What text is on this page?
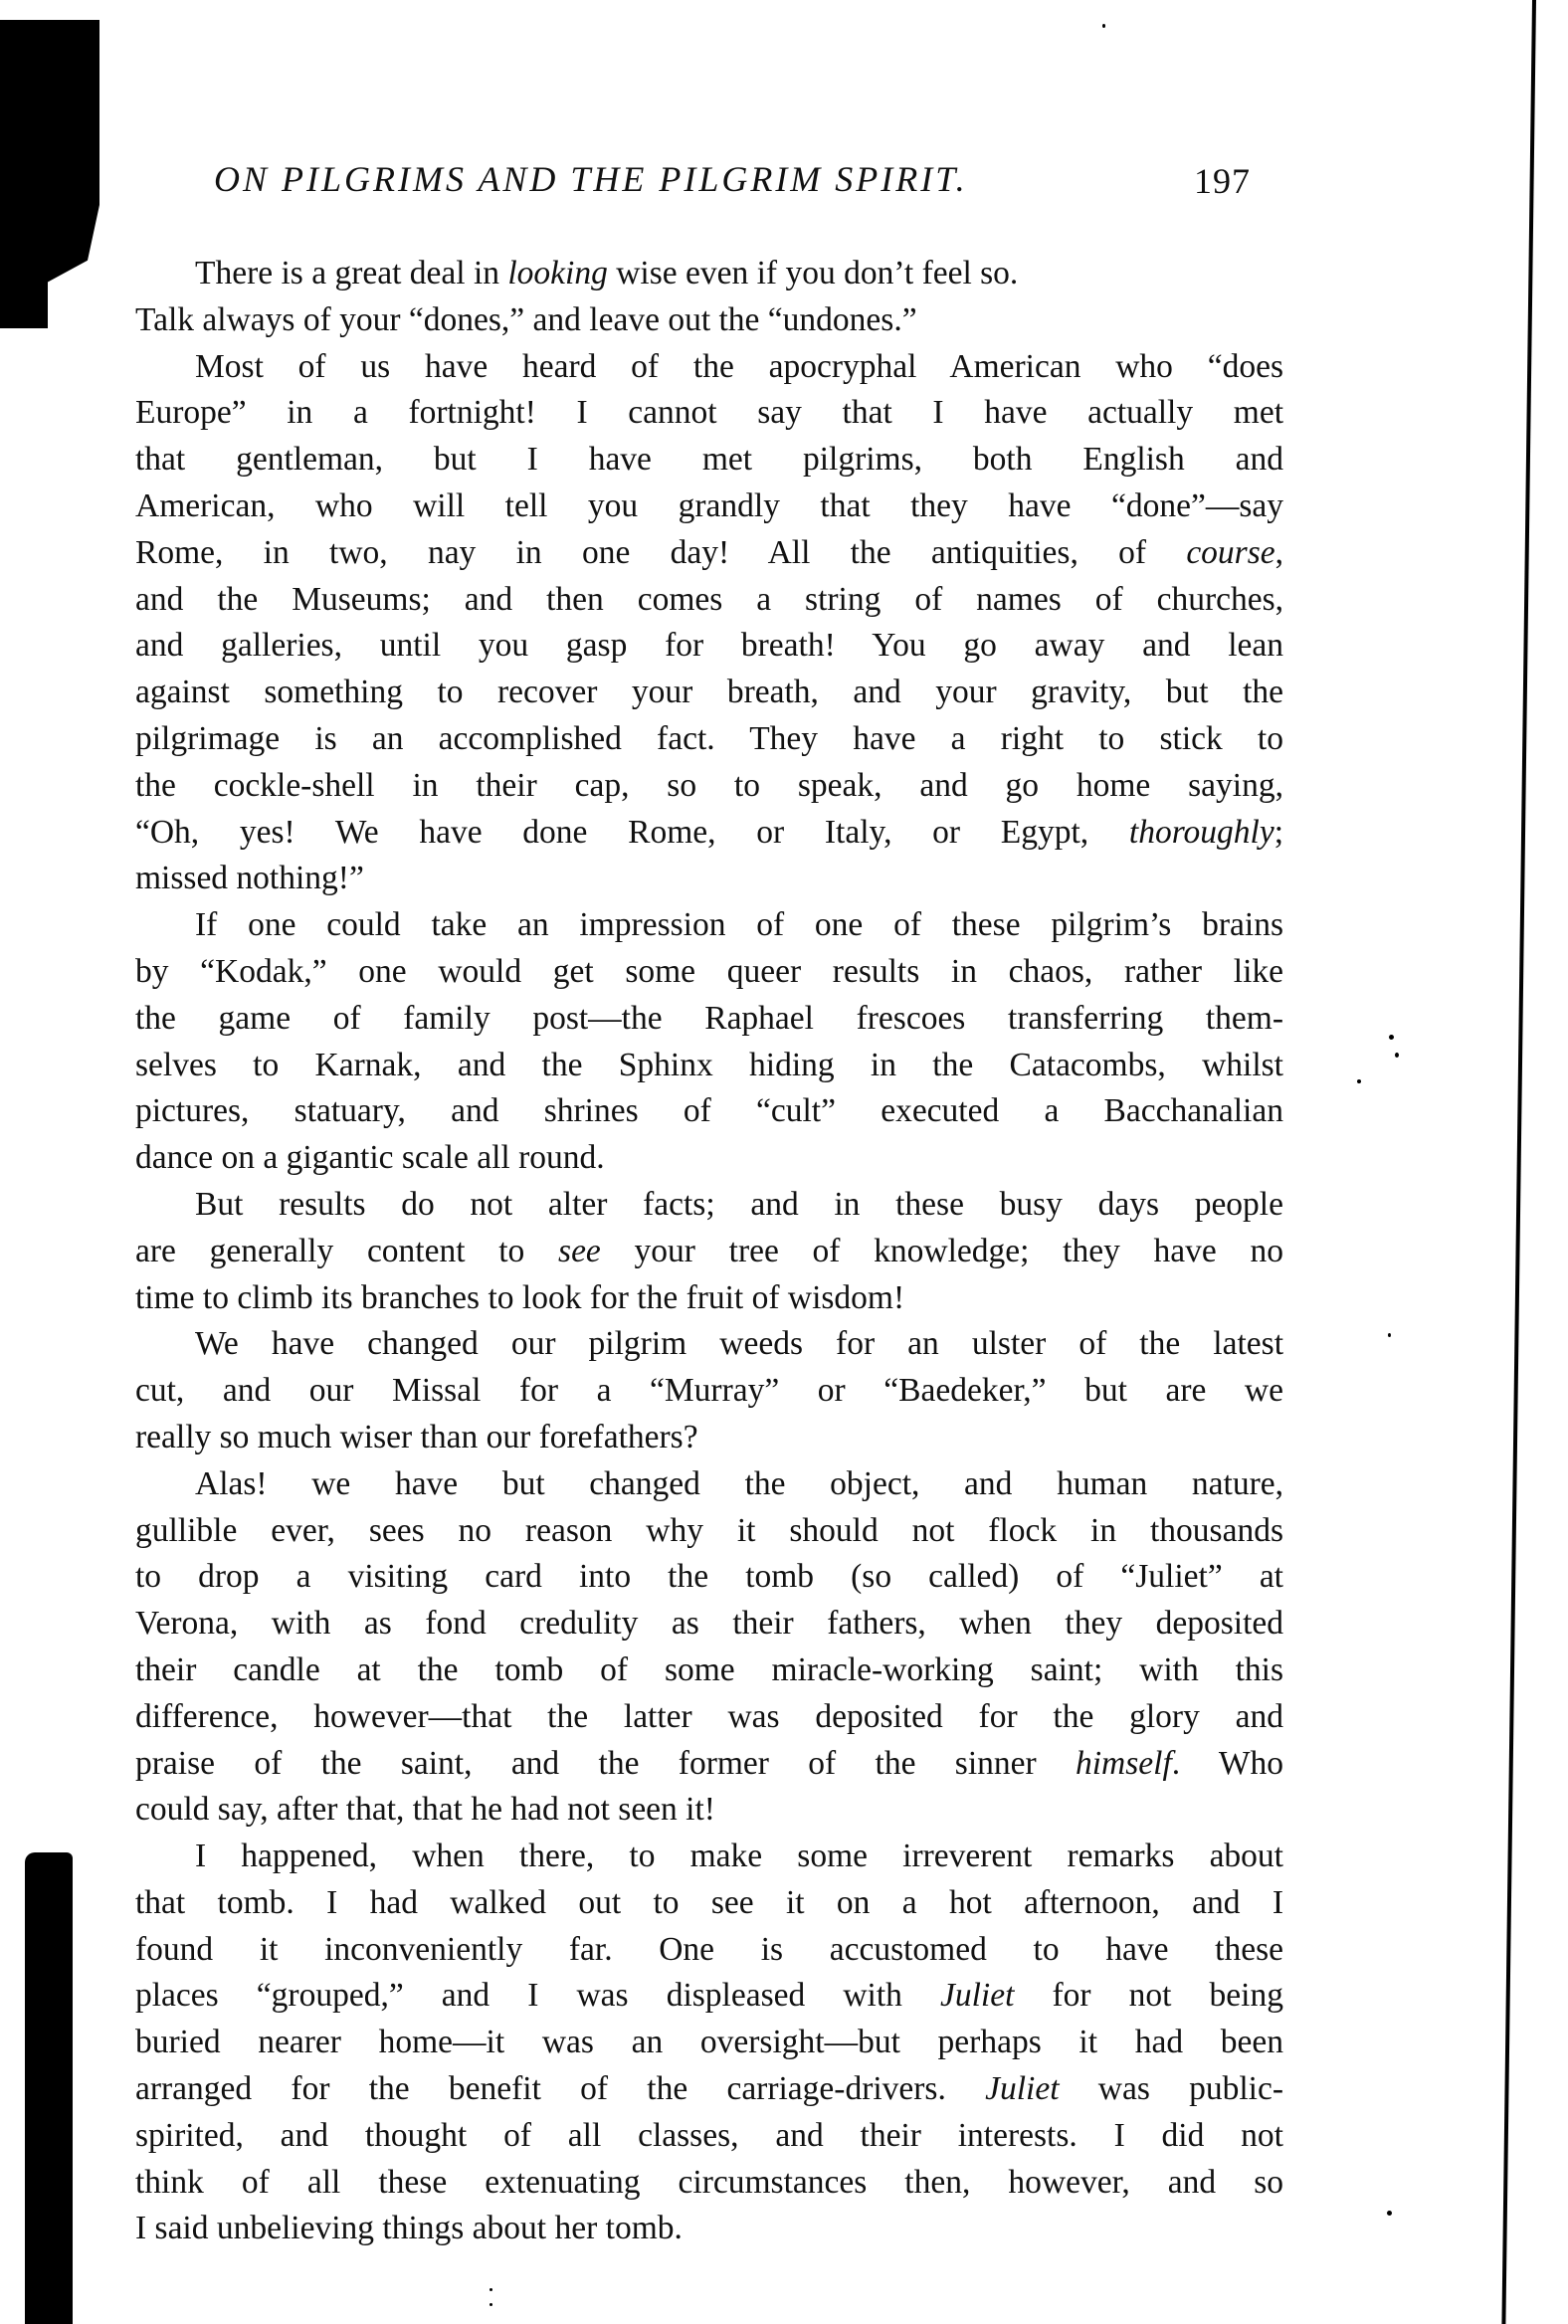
ON PILGRIMS AND THE PILGRIM SPIRIT.	197
There is a great deal in looking wise even if you don’t feel so.
Talk always of your “dones,” and leave out the “undones.”
Most of us have heard of the apocryphal American who “does
Europe” in a fortnight! I cannot say that I have actually met
that gentleman, but I have met pilgrims, both English and
American, who will tell you grandly that they have “done”—say
Rome, in two, nay in one day! All the antiquities, of course,
and the Museums; and then comes a string of names of churches,
and galleries, until you gasp for breath! You go away and lean
against something to recover your breath, and your gravity, but the
pilgrimage is an accomplished fact. They have a right to stick to
the cockle-shell in their cap, so to speak, and go home saying,
“Oh, yes! We have done Rome, or Italy, or Egypt, thoroughly;
missed nothing!”
If one could take an impression of one of these pilgrim’s brains
by “Kodak,” one would get some queer results in chaos, rather like
the game of family post—the Raphael frescoes transferring them-
selves to Karnak, and the Sphinx hiding in the Catacombs, whilst
pictures, statuary, and shrines of “cult” executed a Bacchanalian
dance on a gigantic scale all round.
But results do not alter facts; and in these busy days people
are generally content to see your tree of knowledge; they have no
time to climb its branches to look for the fruit of wisdom!
We have changed our pilgrim weeds for an ulster of the latest
cut, and our Missal for a “Murray” or “Baedeker,” but are we
really so much wiser than our forefathers?
Alas! we have but changed the object, and human nature,
gullible ever, sees no reason why it should not flock in thousands
to drop a visiting card into the tomb (so called) of “Juliet” at
Verona, with as fond credulity as their fathers, when they deposited
their candle at the tomb of some miracle-working saint; with this
difference, however—that the latter was deposited for the glory and
praise of the saint, and the former of the sinner himself. Who
could say, after that, that he had not seen it!
I happened, when there, to make some irreverent remarks about
that tomb. I had walked out to see it on a hot afternoon, and I
found it inconveniently far. One is accustomed to have these
places “grouped,” and I was displeased with Juliet for not being
buried nearer home—it was an oversight—but perhaps it had been
arranged for the benefit of the carriage-drivers. Juliet was public-
spirited, and thought of all classes, and their interests. I did not
think of all these extenuating circumstances then, however, and so
I said unbelieving things about her tomb.
